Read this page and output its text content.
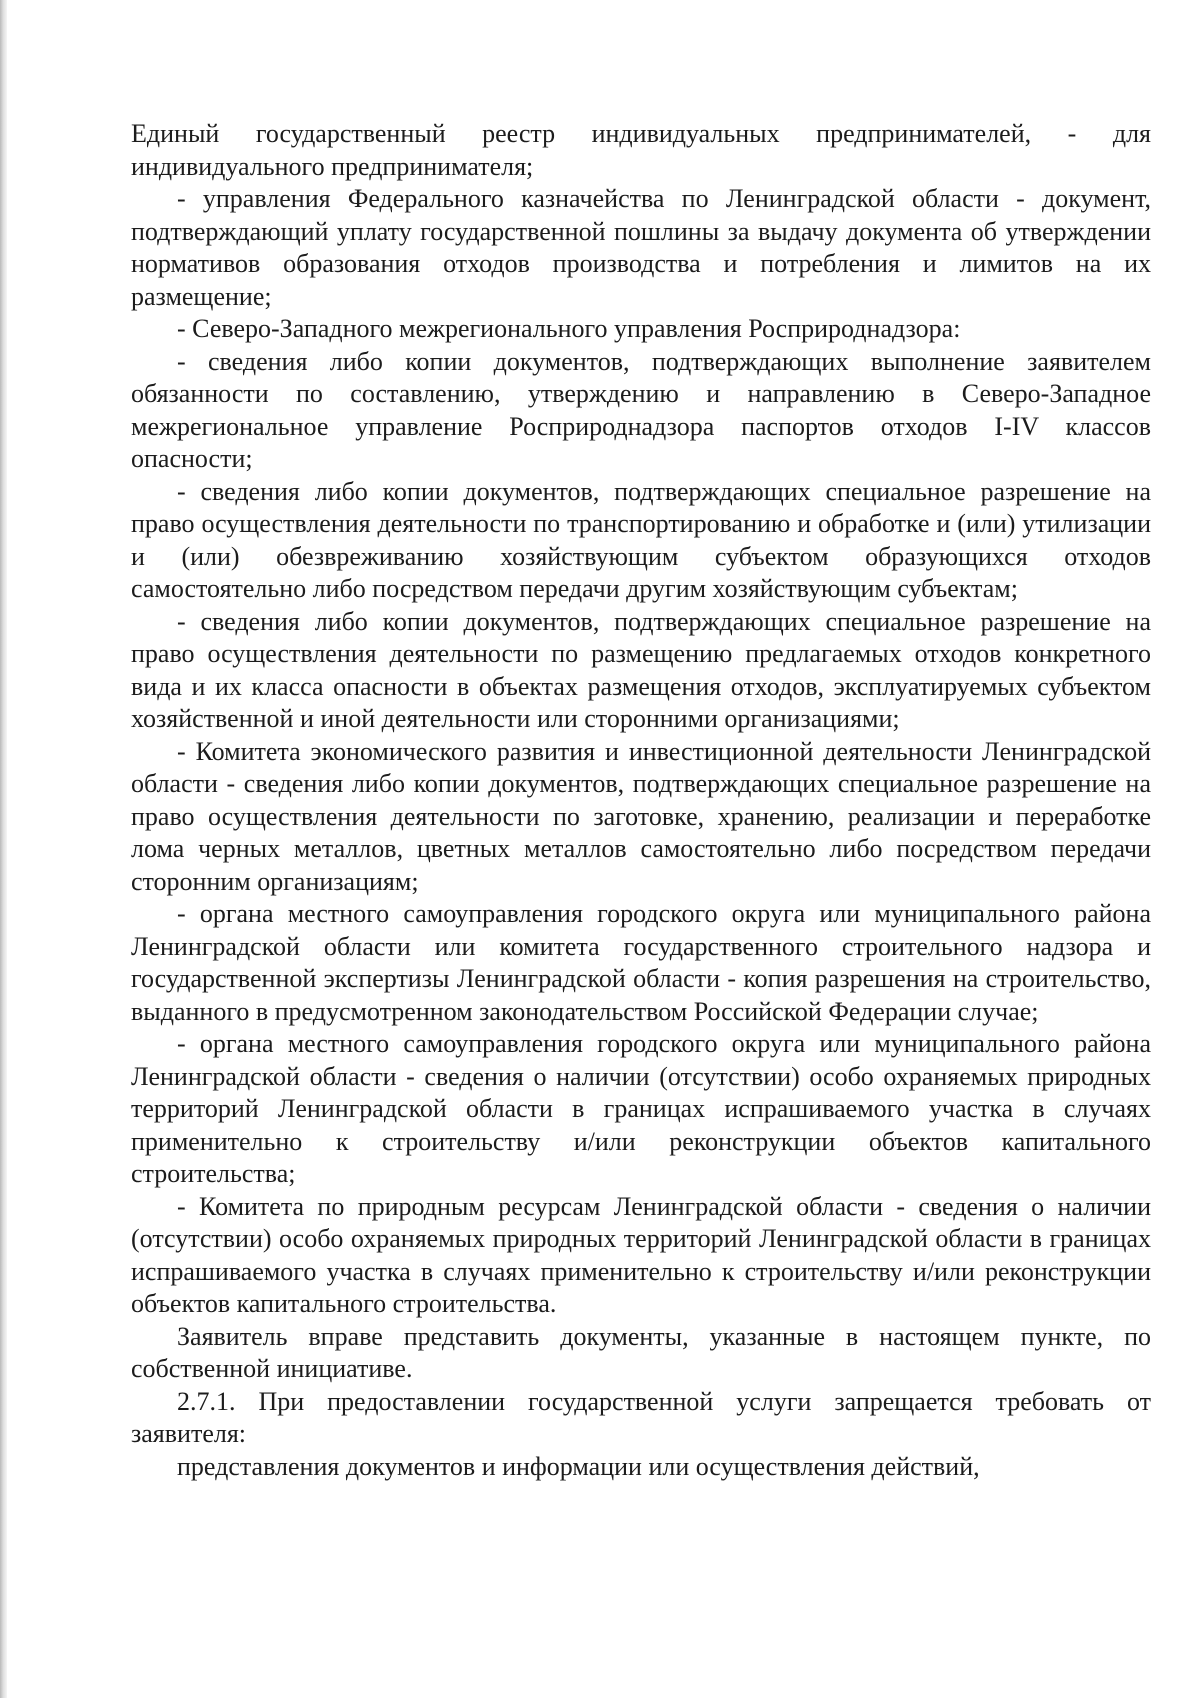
Единый государственный реестр индивидуальных предпринимателей, - для индивидуального предпринимателя;

- управления Федерального казначейства по Ленинградской области - документ, подтверждающий уплату государственной пошлины за выдачу документа об утверждении нормативов образования отходов производства и потребления и лимитов на их размещение;

- Северо-Западного межрегионального управления Росприроднадзора:

- сведения либо копии документов, подтверждающих выполнение заявителем обязанности по составлению, утверждению и направлению в Северо-Западное межрегиональное управление Росприроднадзора паспортов отходов I-IV классов опасности;

- сведения либо копии документов, подтверждающих специальное разрешение на право осуществления деятельности по транспортированию и обработке и (или) утилизации и (или) обезвреживанию хозяйствующим субъектом образующихся отходов самостоятельно либо посредством передачи другим хозяйствующим субъектам;

- сведения либо копии документов, подтверждающих специальное разрешение на право осуществления деятельности по размещению предлагаемых отходов конкретного вида и их класса опасности в объектах размещения отходов, эксплуатируемых субъектом хозяйственной и иной деятельности или сторонними организациями;

- Комитета экономического развития и инвестиционной деятельности Ленинградской области - сведения либо копии документов, подтверждающих специальное разрешение на право осуществления деятельности по заготовке, хранению, реализации и переработке лома черных металлов, цветных металлов самостоятельно либо посредством передачи сторонним организациям;

- органа местного самоуправления городского округа или муниципального района Ленинградской области или комитета государственного строительного надзора и государственной экспертизы Ленинградской области - копия разрешения на строительство, выданного в предусмотренном законодательством Российской Федерации случае;

- органа местного самоуправления городского округа или муниципального района Ленинградской области - сведения о наличии (отсутствии) особо охраняемых природных территорий Ленинградской области в границах испрашиваемого участка в случаях применительно к строительству и/или реконструкции объектов капитального строительства;

- Комитета по природным ресурсам Ленинградской области - сведения о наличии (отсутствии) особо охраняемых природных территорий Ленинградской области в границах испрашиваемого участка в случаях применительно к строительству и/или реконструкции объектов капитального строительства.

Заявитель вправе представить документы, указанные в настоящем пункте, по собственной инициативе.

2.7.1. При предоставлении государственной услуги запрещается требовать от заявителя:

представления документов и информации или осуществления действий,
